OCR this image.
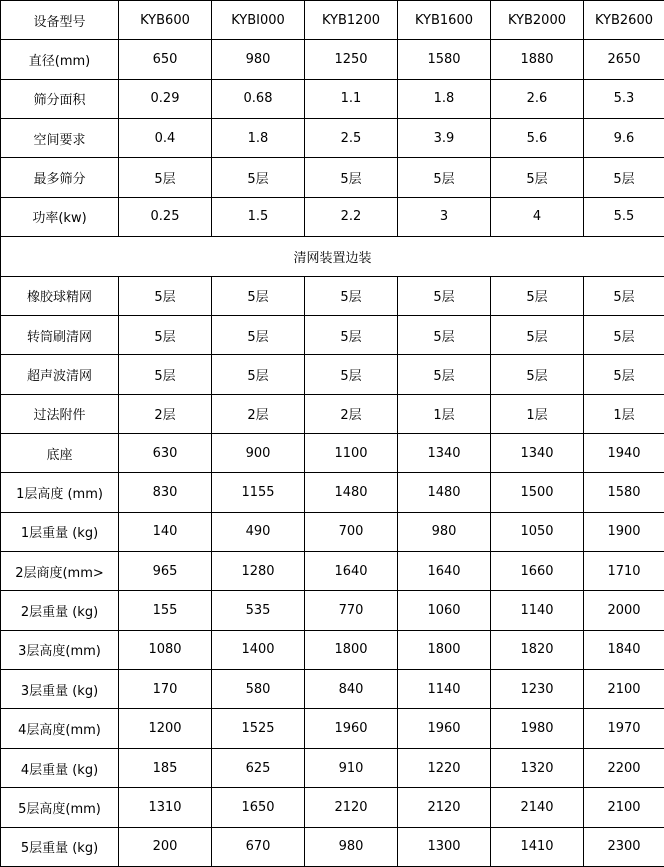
设备型号	KYB600	KYBI000	KYB1200	KYB1600	KYB2000	KYB2600
直径(mm)	650	980	1250	1580	1880	2650
筛分面积	0.29	0.68	1.1	1.8	2.6	5.3
空间要求	0.4	1.8	2.5	3.9	5.6	9.6
最多筛分	5层	5层	5层	5层	5层	5层
功率(kw)	0.25	1.5	2.2	3	4	5.5
清网装置边装						
橡胶球精网	5层	5层	5层	5层	5层	5层
转筒刷清网	5层	5层	5层	5层	5层	5层
超声波清网	5层	5层	5层	5层	5层	5层
过法附件	2层	2层	2层	1层	1层	1层
底座	630	900	1100	1340	1340	1940
1层高度 (mm)	830	1155	1480	1480	1500	1580
1层重量 (kg)	140	490	700	980	1050	1900
2层商度(mm>	965	1280	1640	1640	1660	1710
2层重量 (kg)	155	535	770	1060	1140	2000
3层高度(mm)	1080	1400	1800	1800	1820	1840
3层重量 (kg)	170	580	840	1140	1230	2100
4层高度(mm)	1200	1525	1960	1960	1980	1970
4层重量 (kg)	185	625	910	1220	1320	2200
5层高度(mm)	1310	1650	2120	2120	2140	2100
5层重量 (kg)	200	670	980	1300	1410	2300
